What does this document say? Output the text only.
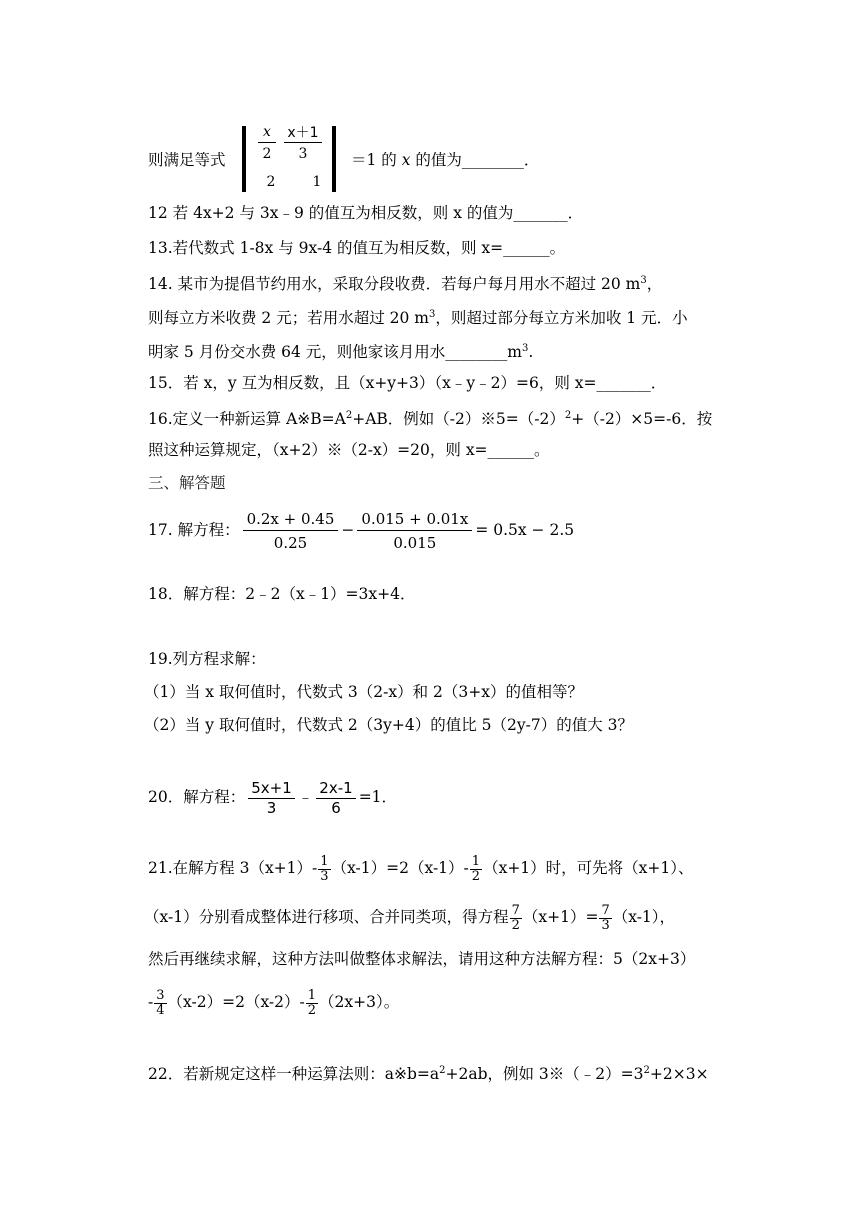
则满足等式
x
2
x＋1
3
2	1
＝1 的 x 的值为________．
12 若 4x+2 与 3x﹣9 的值互为相反数，则 x 的值为_______．
13.若代数式 1-8x 与 9x-4 的值互为相反数，则 x=______。
14. 某市为提倡节约用水，采取分段收费．若每户每月用水不超过 20 $m^3$，
则每立方米收费 2 元；若用水超过 20 $m^3$，则超过部分每立方米加收 1 元．小
明家 5 月份交水费 64 元，则他家该月用水$\_\_\_\_\_\_\_\_m^3$.
15．若 x，y 互为相反数，且（x+y+3）（x﹣y﹣2）=6，则 x=_______．
16.定义一种新运算 $A※B=A^2+AB$．例如$(-2)※5=(-2)^2+(-2)\times 5=-6$．按
照这种运算规定，（x+2）※（2-x）=20，则 x=______。
三、解答题
17. 解方程： $\frac{0.2x + 0.45}{0.25} - \frac{0.015 + 0.01x}{0.015} = 0.5x - 2.5$
18．解方程：2﹣2（x﹣1）=3x+4．
19.列方程求解：
（1）当 x 取何值时，代数式 3（2-x）和 2（3+x）的值相等？
（2）当 y 取何值时，代数式 2（3y+4）的值比 5（2y-7）的值大 3？
20．解方程： $\frac{5x+1}{3}$ ﹣ $\frac{2x-1}{6} =1$．
21.在解方程 $3(x+1)- \frac{1}{3} (x-1)=2(x-1)- \frac{1}{2} (x+1)$时，可先将（x+1）、
（x-1）分别看成整体进行移项、合并同类项，得方程 $\frac{7}{2} (x+1)= \frac{7}{3} (x-1)$，
然后再继续求解，这种方法叫做整体求解法，请用这种方法解方程：5（2x+3）
- $\frac{3}{4} (x-2)=2(x-2)- \frac{1}{2} (2x+3)$。
22．若新规定这样一种运算法则：$a※b=a^2+2ab$，例如 $3※(﹣2)=3^2+2\times 3\times$
